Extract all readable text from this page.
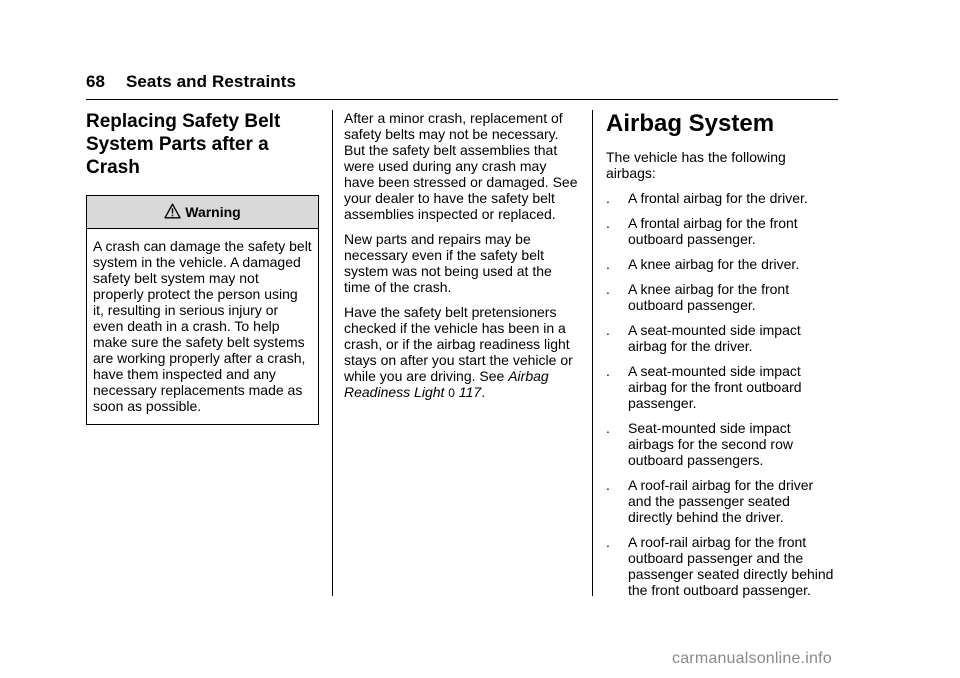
68 Seats and Restraints
Replacing Safety Belt
System Parts after a
Crash
Warning
A crash can damage the safety belt system in the vehicle. A damaged safety belt system may not properly protect the person using it, resulting in serious injury or even death in a crash. To help make sure the safety belt systems are working properly after a crash, have them inspected and any necessary replacements made as soon as possible.

After a minor crash, replacement of safety belts may not be necessary. But the safety belt assemblies that were used during any crash may have been stressed or damaged. See your dealer to have the safety belt assemblies inspected or replaced.

New parts and repairs may be necessary even if the safety belt system was not being used at the time of the crash.

Have the safety belt pretensioners checked if the vehicle has been in a crash, or if the airbag readiness light stays on after you start the vehicle or while you are driving. See Airbag Readiness Light 0 117.

Airbag System

The vehicle has the following airbags:

. A frontal airbag for the driver.
. A frontal airbag for the front outboard passenger.
. A knee airbag for the driver.
. A knee airbag for the front outboard passenger.
. A seat-mounted side impact airbag for the driver.
. A seat-mounted side impact airbag for the front outboard passenger.
. Seat-mounted side impact airbags for the second row outboard passengers.
. A roof-rail airbag for the driver and the passenger seated directly behind the driver.
. A roof-rail airbag for the front outboard passenger and the passenger seated directly behind the front outboard passenger.
carmanualsonline.info
